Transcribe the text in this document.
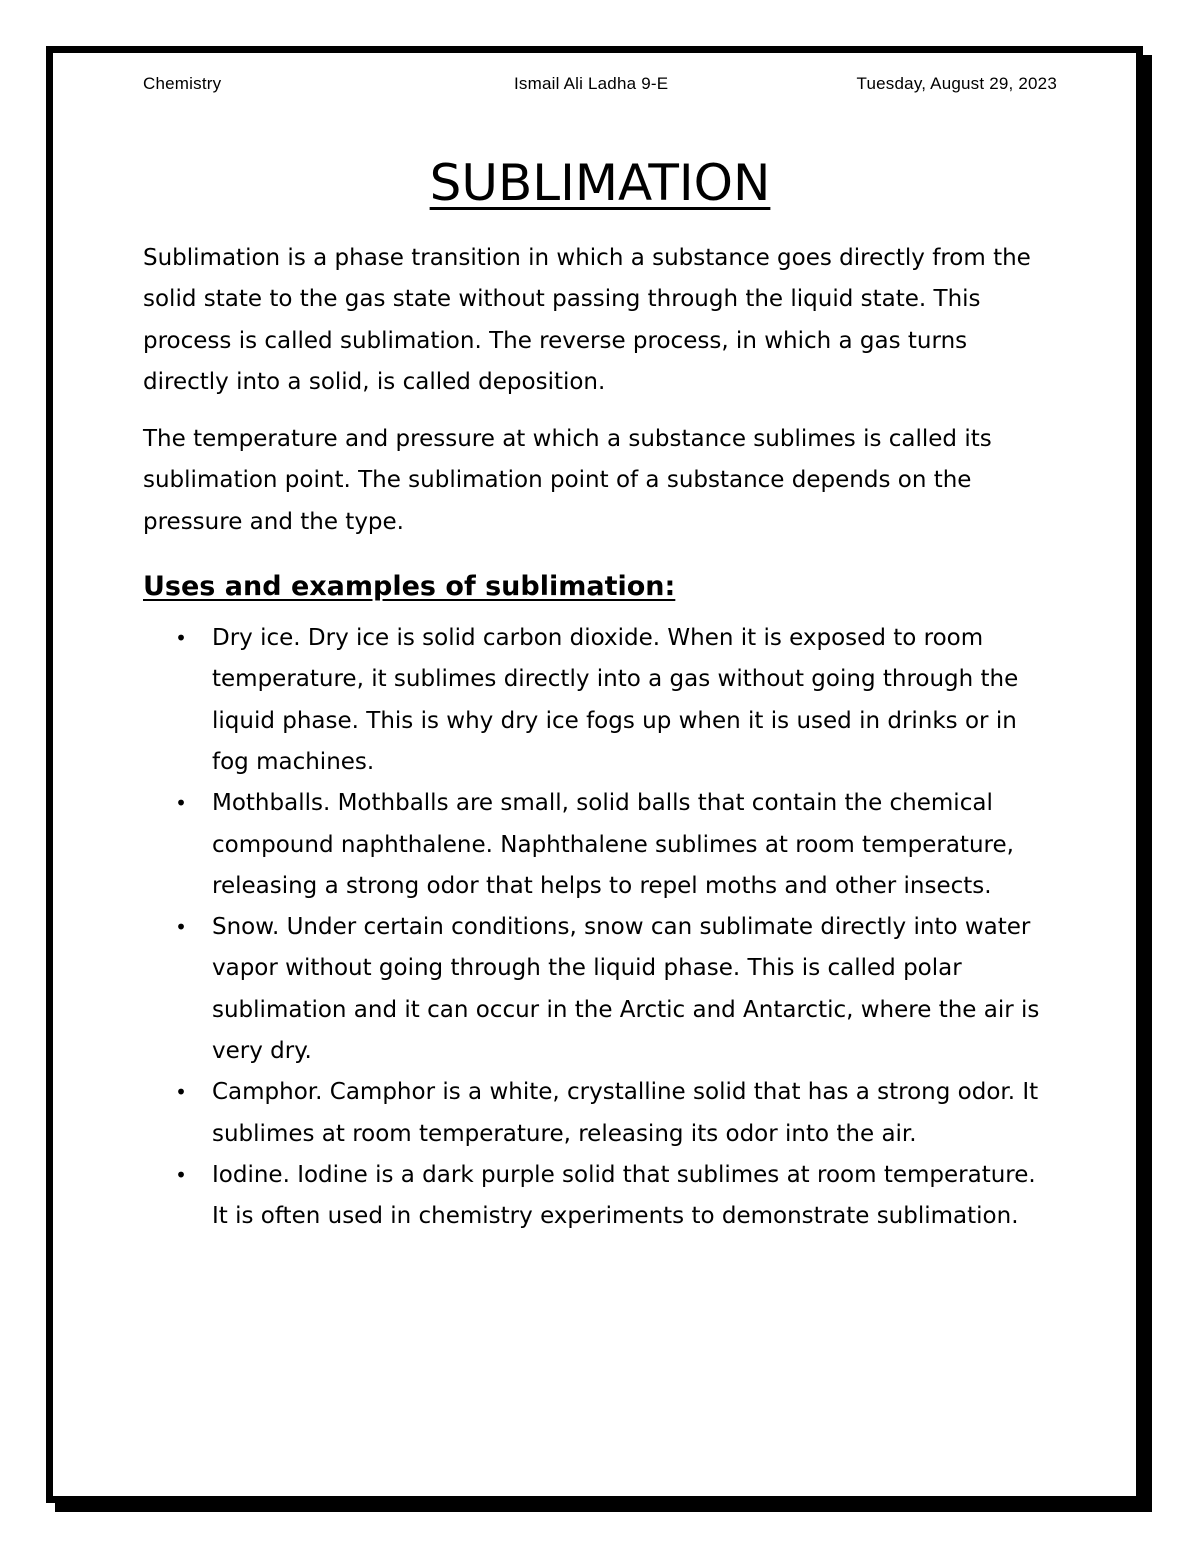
Chemistry	Ismail Ali Ladha 9-E	Tuesday, August 29, 2023
SUBLIMATION

Sublimation is a phase transition in which a substance goes directly from the solid state to the gas state without passing through the liquid state. This process is called sublimation. The reverse process, in which a gas turns directly into a solid, is called deposition.

The temperature and pressure at which a substance sublimes is called its sublimation point. The sublimation point of a substance depends on the pressure and the type.

Uses and examples of sublimation:
• Dry ice. Dry ice is solid carbon dioxide. When it is exposed to room temperature, it sublimes directly into a gas without going through the liquid phase. This is why dry ice fogs up when it is used in drinks or in fog machines.
• Mothballs. Mothballs are small, solid balls that contain the chemical compound naphthalene. Naphthalene sublimes at room temperature, releasing a strong odor that helps to repel moths and other insects.
• Snow. Under certain conditions, snow can sublimate directly into water vapor without going through the liquid phase. This is called polar sublimation and it can occur in the Arctic and Antarctic, where the air is very dry.
• Camphor. Camphor is a white, crystalline solid that has a strong odor. It sublimes at room temperature, releasing its odor into the air.
• Iodine. Iodine is a dark purple solid that sublimes at room temperature. It is often used in chemistry experiments to demonstrate sublimation.
